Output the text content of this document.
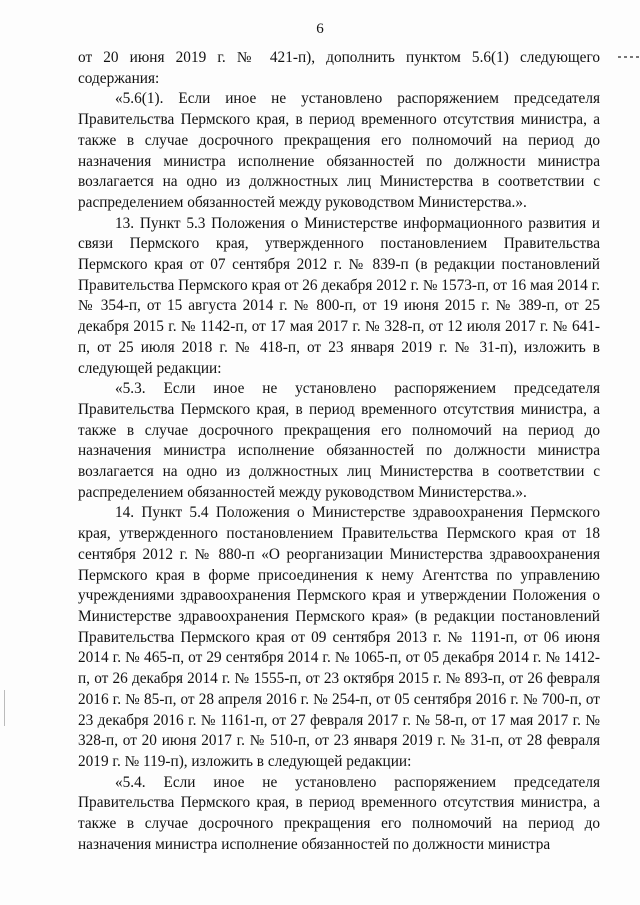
6

от 20 июня 2019 г. № 421-п), дополнить пунктом 5.6(1) следующего содержания:

«5.6(1). Если иное не установлено распоряжением председателя Правительства Пермского края, в период временного отсутствия министра, а также в случае досрочного прекращения его полномочий на период до назначения министра исполнение обязанностей по должности министра возлагается на одно из должностных лиц Министерства в соответствии с распределением обязанностей между руководством Министерства.».

13. Пункт 5.3 Положения о Министерстве информационного развития и связи Пермского края, утвержденного постановлением Правительства Пермского края от 07 сентября 2012 г. № 839-п (в редакции постановлений Правительства Пермского края от 26 декабря 2012 г. № 1573-п, от 16 мая 2014 г. № 354-п, от 15 августа 2014 г. № 800-п, от 19 июня 2015 г. № 389-п, от 25 декабря 2015 г. № 1142-п, от 17 мая 2017 г. № 328-п, от 12 июля 2017 г. № 641-п, от 25 июля 2018 г. № 418-п, от 23 января 2019 г. № 31-п), изложить в следующей редакции:

«5.3. Если иное не установлено распоряжением председателя Правительства Пермского края, в период временного отсутствия министра, а также в случае досрочного прекращения его полномочий на период до назначения министра исполнение обязанностей по должности министра возлагается на одно из должностных лиц Министерства в соответствии с распределением обязанностей между руководством Министерства.».

14. Пункт 5.4 Положения о Министерстве здравоохранения Пермского края, утвержденного постановлением Правительства Пермского края от 18 сентября 2012 г. № 880-п «О реорганизации Министерства здравоохранения Пермского края в форме присоединения к нему Агентства по управлению учреждениями здравоохранения Пермского края и утверждении Положения о Министерстве здравоохранения Пермского края» (в редакции постановлений Правительства Пермского края от 09 сентября 2013 г. № 1191-п, от 06 июня 2014 г. № 465-п, от 29 сентября 2014 г. № 1065-п, от 05 декабря 2014 г. № 1412-п, от 26 декабря 2014 г. № 1555-п, от 23 октября 2015 г. № 893-п, от 26 февраля 2016 г. № 85-п, от 28 апреля 2016 г. № 254-п, от 05 сентября 2016 г. № 700-п, от 23 декабря 2016 г. № 1161-п, от 27 февраля 2017 г. № 58-п, от 17 мая 2017 г. № 328-п, от 20 июня 2017 г. № 510-п, от 23 января 2019 г. № 31-п, от 28 февраля 2019 г. № 119-п), изложить в следующей редакции:

«5.4. Если иное не установлено распоряжением председателя Правительства Пермского края, в период временного отсутствия министра, а также в случае досрочного прекращения его полномочий на период до назначения министра исполнение обязанностей по должности министра
